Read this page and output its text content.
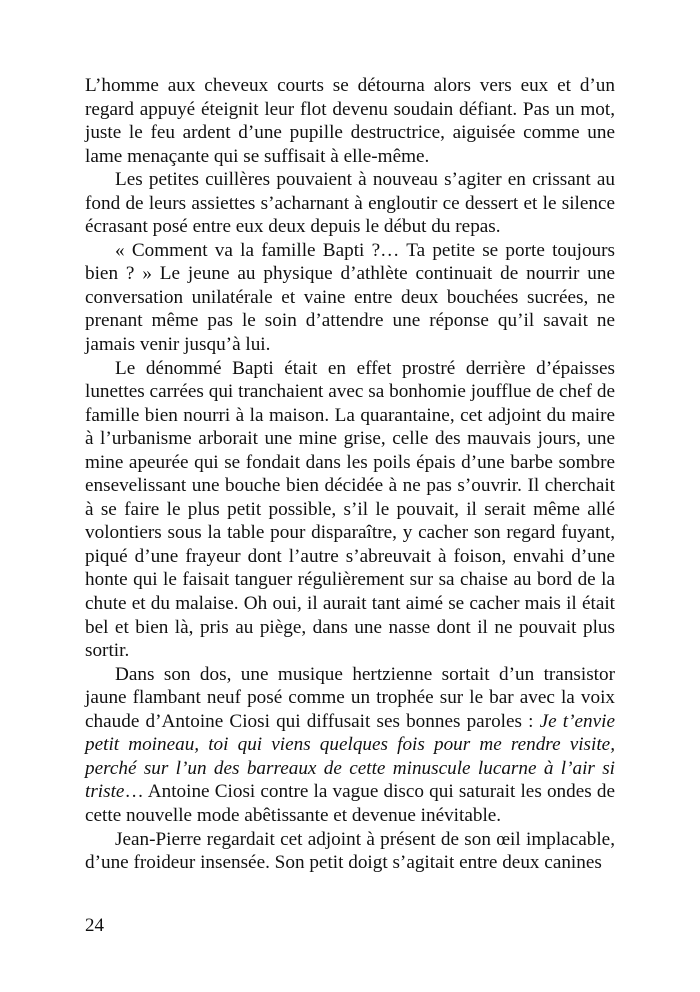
L’homme aux cheveux courts se détourna alors vers eux et d’un regard appuyé éteignit leur flot devenu soudain défiant. Pas un mot, juste le feu ardent d’une pupille destructrice, aiguisée comme une lame menaçante qui se suffisait à elle-même.

Les petites cuillères pouvaient à nouveau s’agiter en crissant au fond de leurs assiettes s’acharnant à engloutir ce dessert et le silence écrasant posé entre eux deux depuis le début du repas.

« Comment va la famille Bapti ?… Ta petite se porte toujours bien ? » Le jeune au physique d’athlète continuait de nourrir une conversation unilatérale et vaine entre deux bouchées sucrées, ne prenant même pas le soin d’attendre une réponse qu’il savait ne jamais venir jusqu’à lui.

Le dénommé Bapti était en effet prostré derrière d’épaisses lunettes carrées qui tranchaient avec sa bonhomie joufflue de chef de famille bien nourri à la maison. La quarantaine, cet adjoint du maire à l’urbanisme arborait une mine grise, celle des mauvais jours, une mine apeurée qui se fondait dans les poils épais d’une barbe sombre ensevelissant une bouche bien décidée à ne pas s’ouvrir. Il cherchait à se faire le plus petit possible, s’il le pouvait, il serait même allé volontiers sous la table pour disparaître, y cacher son regard fuyant, piqué d’une frayeur dont l’autre s’abreuvait à foison, envahi d’une honte qui le faisait tanguer régulièrement sur sa chaise au bord de la chute et du malaise. Oh oui, il aurait tant aimé se cacher mais il était bel et bien là, pris au piège, dans une nasse dont il ne pouvait plus sortir.

Dans son dos, une musique hertzienne sortait d’un transistor jaune flambant neuf posé comme un trophée sur le bar avec la voix chaude d’Antoine Ciosi qui diffusait ses bonnes paroles : Je t’envie petit moineau, toi qui viens quelques fois pour me rendre visite, perché sur l’un des barreaux de cette minuscule lucarne à l’air si triste… Antoine Ciosi contre la vague disco qui saturait les ondes de cette nouvelle mode abêtissante et devenue inévitable.

Jean-Pierre regardait cet adjoint à présent de son œil implacable, d’une froideur insensée. Son petit doigt s’agitait entre deux canines

24
